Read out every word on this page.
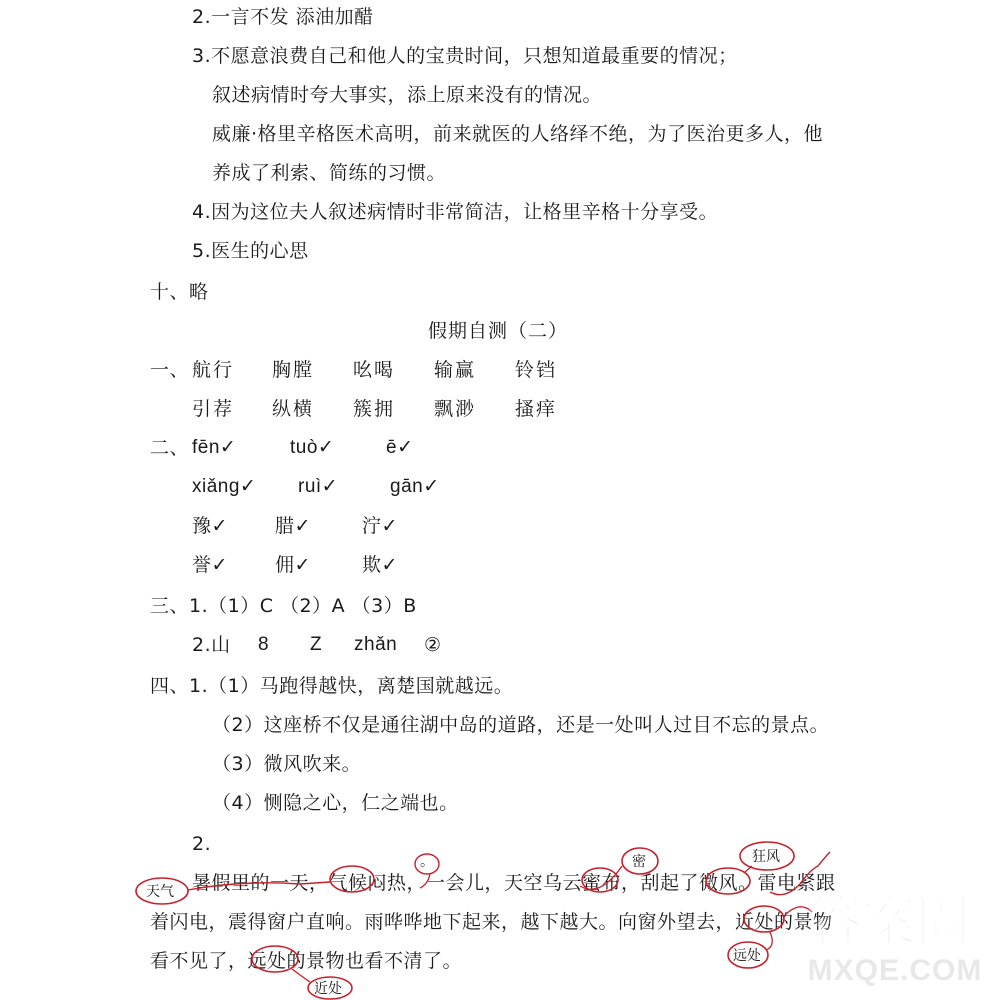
2.一言不发 添油加醋
3.不愿意浪费自己和他人的宝贵时间，只想知道最重要的情况；
叙述病情时夸大事实，添上原来没有的情况。
威廉·格里辛格医术高明，前来就医的人络绎不绝，为了医治更多人，他
养成了利索、简练的习惯。
4.因为这位夫人叙述病情时非常简洁，让格里辛格十分享受。
5.医生的心思
十、略
假期自测（二）
一、 航行 胸膛 吆喝 输赢 铃铛
引荐 纵横 簇拥 飘渺 搔痒
二、 fēn✓	tuò✓	ē✓
xiǎng✓ ruì✓	gān✓
豫✓ 腊✓	泞✓
誉✓ 佣✓	欺✓
三、1.（1）C （2）A （3）B
2.山 8 Z zhǎn ②
四、1.（1）马跑得越快，离楚国就越远。
（2）这座桥不仅是通往湖中岛的道路，还是一处叫人过目不忘的景点。
（3）微风吹来。
（4）恻隐之心，仁之端也。
2.
暑假里的一天，气候闷热，一会儿，天空乌云蜜布，刮起了微风。雷电紧跟
着闪电，震得窗户直响。雨哗哗地下起来，越下越大。向窗外望去，近处的景物
看不见了，远处的景物也看不清了。
天气
。	密	狂风
远处
近处
答案圈
MXQE.COM
